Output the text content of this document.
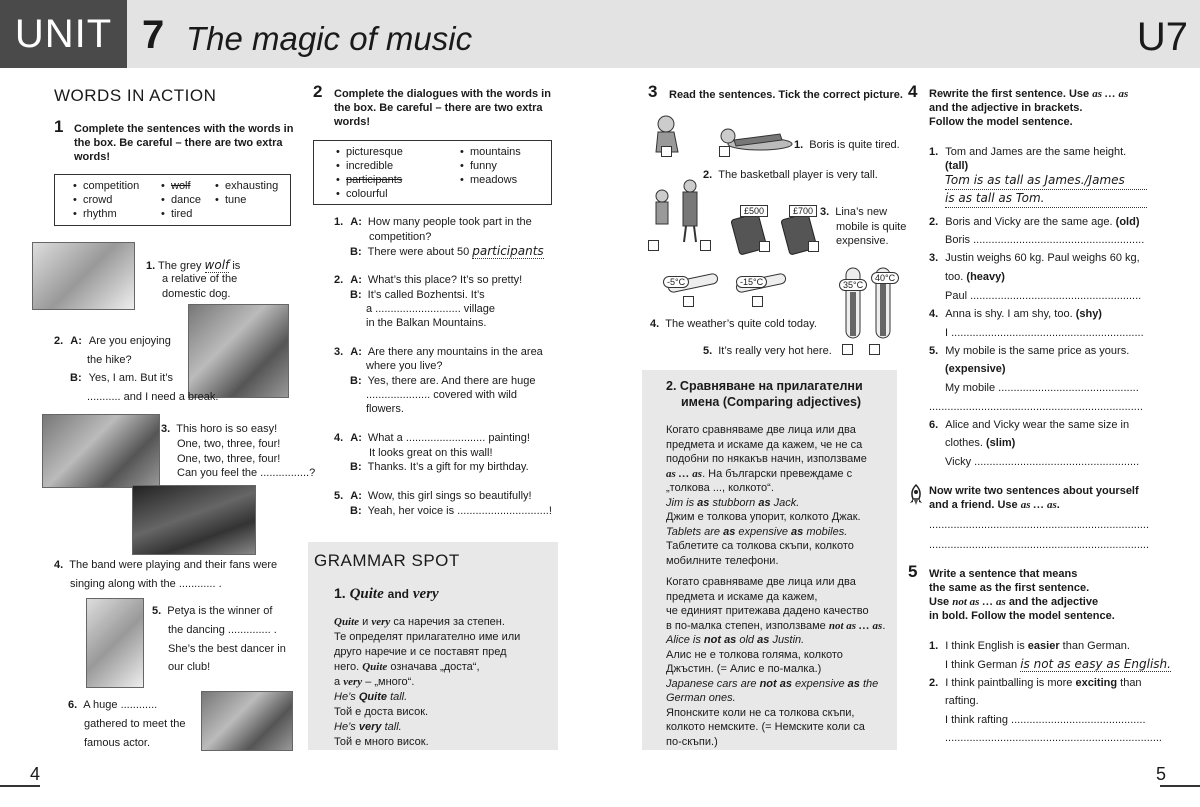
UNIT 7 The magic of music	U7
WORDS IN ACTION
1 Complete the sentences with the words in the box. Be careful – there are two extra words!
• competition
• crowd
• rhythm
• wolf
• dance
• tired
• exhausting
• tune
1. The grey wolf is
a relative of the
domestic dog.
2. A: Are you enjoying
the hike?
B: Yes, I am. But it’s
........... and I need a break.
3. This horo is so easy!
One, two, three, four!
One, two, three, four!
Can you feel the ................?
4. The band were playing and their fans were
singing along with the ............ .
5. Petya is the winner of
the dancing .............. .
She’s the best dancer in
our club!
6. A huge ............
gathered to meet the
famous actor.
2 Complete the dialogues with the words in the box. Be careful – there are two extra words!
• picturesque
• incredible
• participants
• colourful
• mountains
• funny
• meadows
1. A: How many people took part in the
competition?
B: There were about 50 participants
2. A: What’s this place? It’s so pretty!
B: It’s called Bozhentsi. It’s
a ............................ village
in the Balkan Mountains.
3. A: Are there any mountains in the area
where you live?
B: Yes, there are. And there are huge
..................... covered with wild
flowers.
4. A: What a .......................... painting!
It looks great on this wall!
B: Thanks. It’s a gift for my birthday.
5. A: Wow, this girl sings so beautifully!
B: Yeah, her voice is ..............................!
GRAMMAR SPOT
1. Quite and very
Quite и very са наречия за степен.
Те определят прилагателно име или
друго наречие и се поставят пред
него. Quite означава „доста“,
а very – „много“.
He’s Quite tall.
Той е доста висок.
He’s very tall.
Той е много висок.
4
3 Read the sentences. Tick the correct picture.
1. Boris is quite tired.
2. The basketball player is very tall.
£500	£700 3. Lina’s new
mobile is quite
expensive.
-5°C	-15°C
4. The weather’s quite cold today.
35°C
40°C
5. It’s really very hot here.
2. Сравняване на прилагателни
имена (Comparing adjectives)
Когато сравняваме две лица или два
предмета и искаме да кажем, че не са
подобни по някакъв начин, използваме
as … as. На български превеждаме с
„толкова ..., колкото“.
Jim is as stubborn as Jack.
Джим е толкова упорит, колкото Джак.
Tablets are as expensive as mobiles.
Таблетите са толкова скъпи, колкото
мобилните телефони.
Когато сравняваме две лица или два
предмета и искаме да кажем,
че единият притежава дадено качество
в по-малка степен, използваме not as … as.
Alice is not as old as Justin.
Алис не е толкова голяма, колкото
Джъстин. (= Алис е по-малка.)
Japanese cars are not as expensive as the
German ones.
Японските коли не са толкова скъпи,
колкото немските. (= Немските коли са
по-скъпи.)
4 Rewrite the first sentence. Use as … as
and the adjective in brackets.
Follow the model sentence.
1. Tom and James are the same height.
(tall)
Tom is as tall as James./James
is as tall as Tom.
2. Boris and Vicky are the same age. (old)
Boris ........................................................
3. Justin weighs 60 kg. Paul weighs 60 kg,
too. (heavy)
Paul ........................................................
4. Anna is shy. I am shy, too. (shy)
I ...............................................................
5. My mobile is the same price as yours.
(expensive)
My mobile ..............................................
......................................................................
6. Alice and Vicky wear the same size in
clothes. (slim)
Vicky ......................................................
Now write two sentences about yourself
and a friend. Use as … as.
........................................................................
........................................................................
5 Write a sentence that means
the same as the first sentence.
Use not as … as and the adjective
in bold. Follow the model sentence.
1. I think English is easier than German.
I think German is not as easy as English.
2. I think paintballing is more exciting than
rafting.
I think rafting ............................................
.......................................................................
5
